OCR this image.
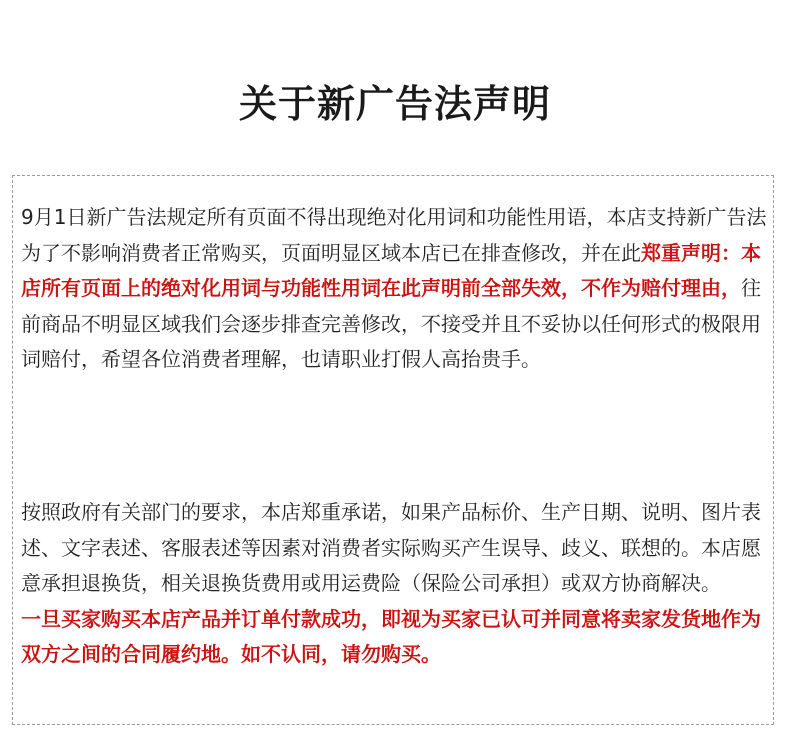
关于新广告法声明

9月1日新广告法规定所有页面不得出现绝对化用词和功能性用语，本店支持新广告法为了不影响消费者正常购买，页面明显区域本店已在排查修改，并在此郑重声明：本店所有页面上的绝对化用词与功能性用词在此声明前全部失效，不作为赔付理由，往前商品不明显区域我们会逐步排查完善修改，不接受并且不妥协以任何形式的极限用词赔付，希望各位消费者理解，也请职业打假人高抬贵手。

按照政府有关部门的要求，本店郑重承诺，如果产品标价、生产日期、说明、图片表述、文字表述、客服表述等因素对消费者实际购买产生误导、歧义、联想的。本店愿意承担退换货，相关退换货费用或用运费险（保险公司承担）或双方协商解决。
一旦买家购买本店产品并订单付款成功，即视为买家已认可并同意将卖家发货地作为双方之间的合同履约地。如不认同，请勿购买。
